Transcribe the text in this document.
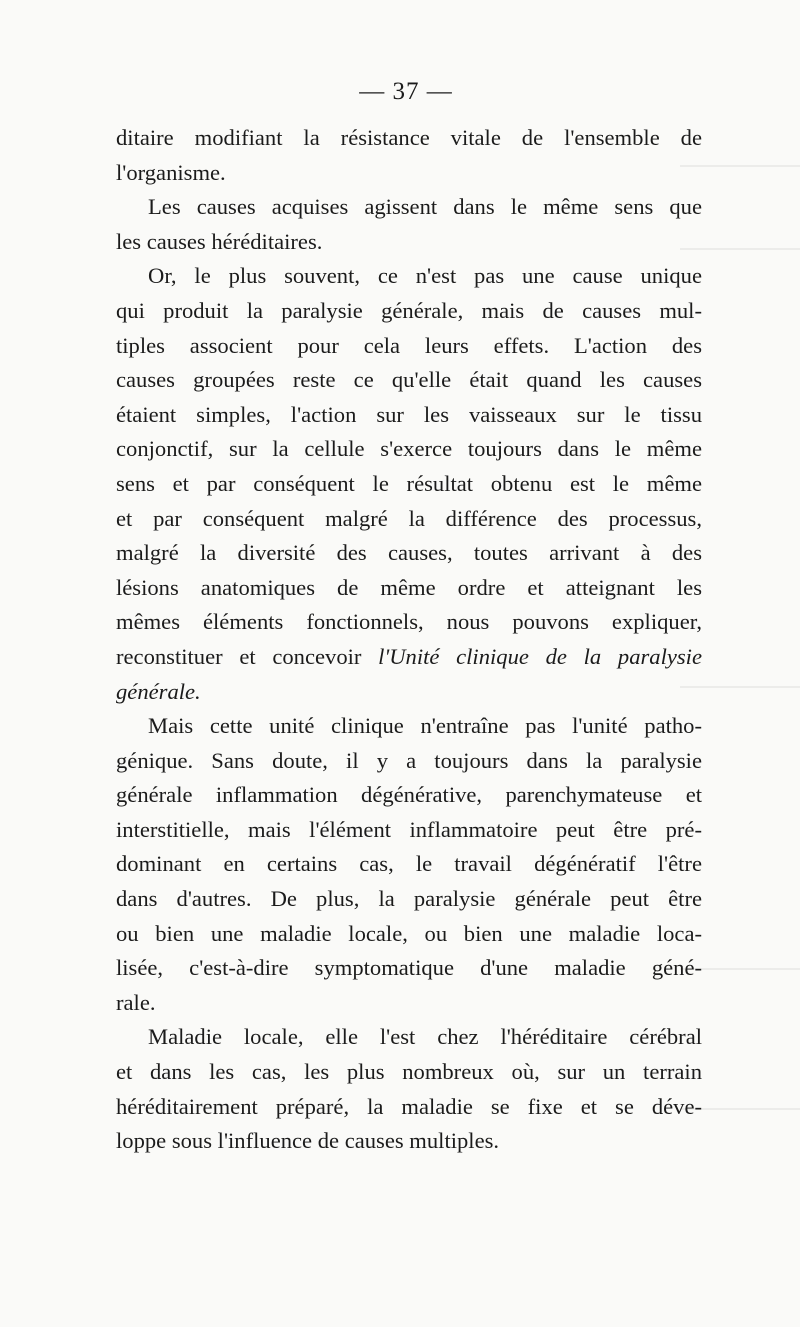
— 37 —

ditaire modifiant la résistance vitale de l'ensemble de
l'organisme.

Les causes acquises agissent dans le même sens que
les causes héréditaires.

Or, le plus souvent, ce n'est pas une cause unique
qui produit la paralysie générale, mais de causes mul-
tiples associent pour cela leurs effets. L'action des
causes groupées reste ce qu'elle était quand les causes
étaient simples, l'action sur les vaisseaux sur le tissu
conjonctif, sur la cellule s'exerce toujours dans le même
sens et par conséquent le résultat obtenu est le même
et par conséquent malgré la différence des processus,
malgré la diversité des causes, toutes arrivant à des
lésions anatomiques de même ordre et atteignant les
mêmes éléments fonctionnels, nous pouvons expliquer,
reconstituer et concevoir l'Unité clinique de la paralysie
générale.

Mais cette unité clinique n'entraîne pas l'unité patho-
génique. Sans doute, il y a toujours dans la paralysie
générale inflammation dégénérative, parenchymateuse et
interstitielle, mais l'élément inflammatoire peut être pré-
dominant en certains cas, le travail dégénératif l'être
dans d'autres. De plus, la paralysie générale peut être
ou bien une maladie locale, ou bien une maladie loca-
lisée, c'est-à-dire symptomatique d'une maladie géné-
rale.

Maladie locale, elle l'est chez l'héréditaire cérébral
et dans les cas, les plus nombreux où, sur un terrain
héréditairement préparé, la maladie se fixe et se déve-
loppe sous l'influence de causes multiples.
